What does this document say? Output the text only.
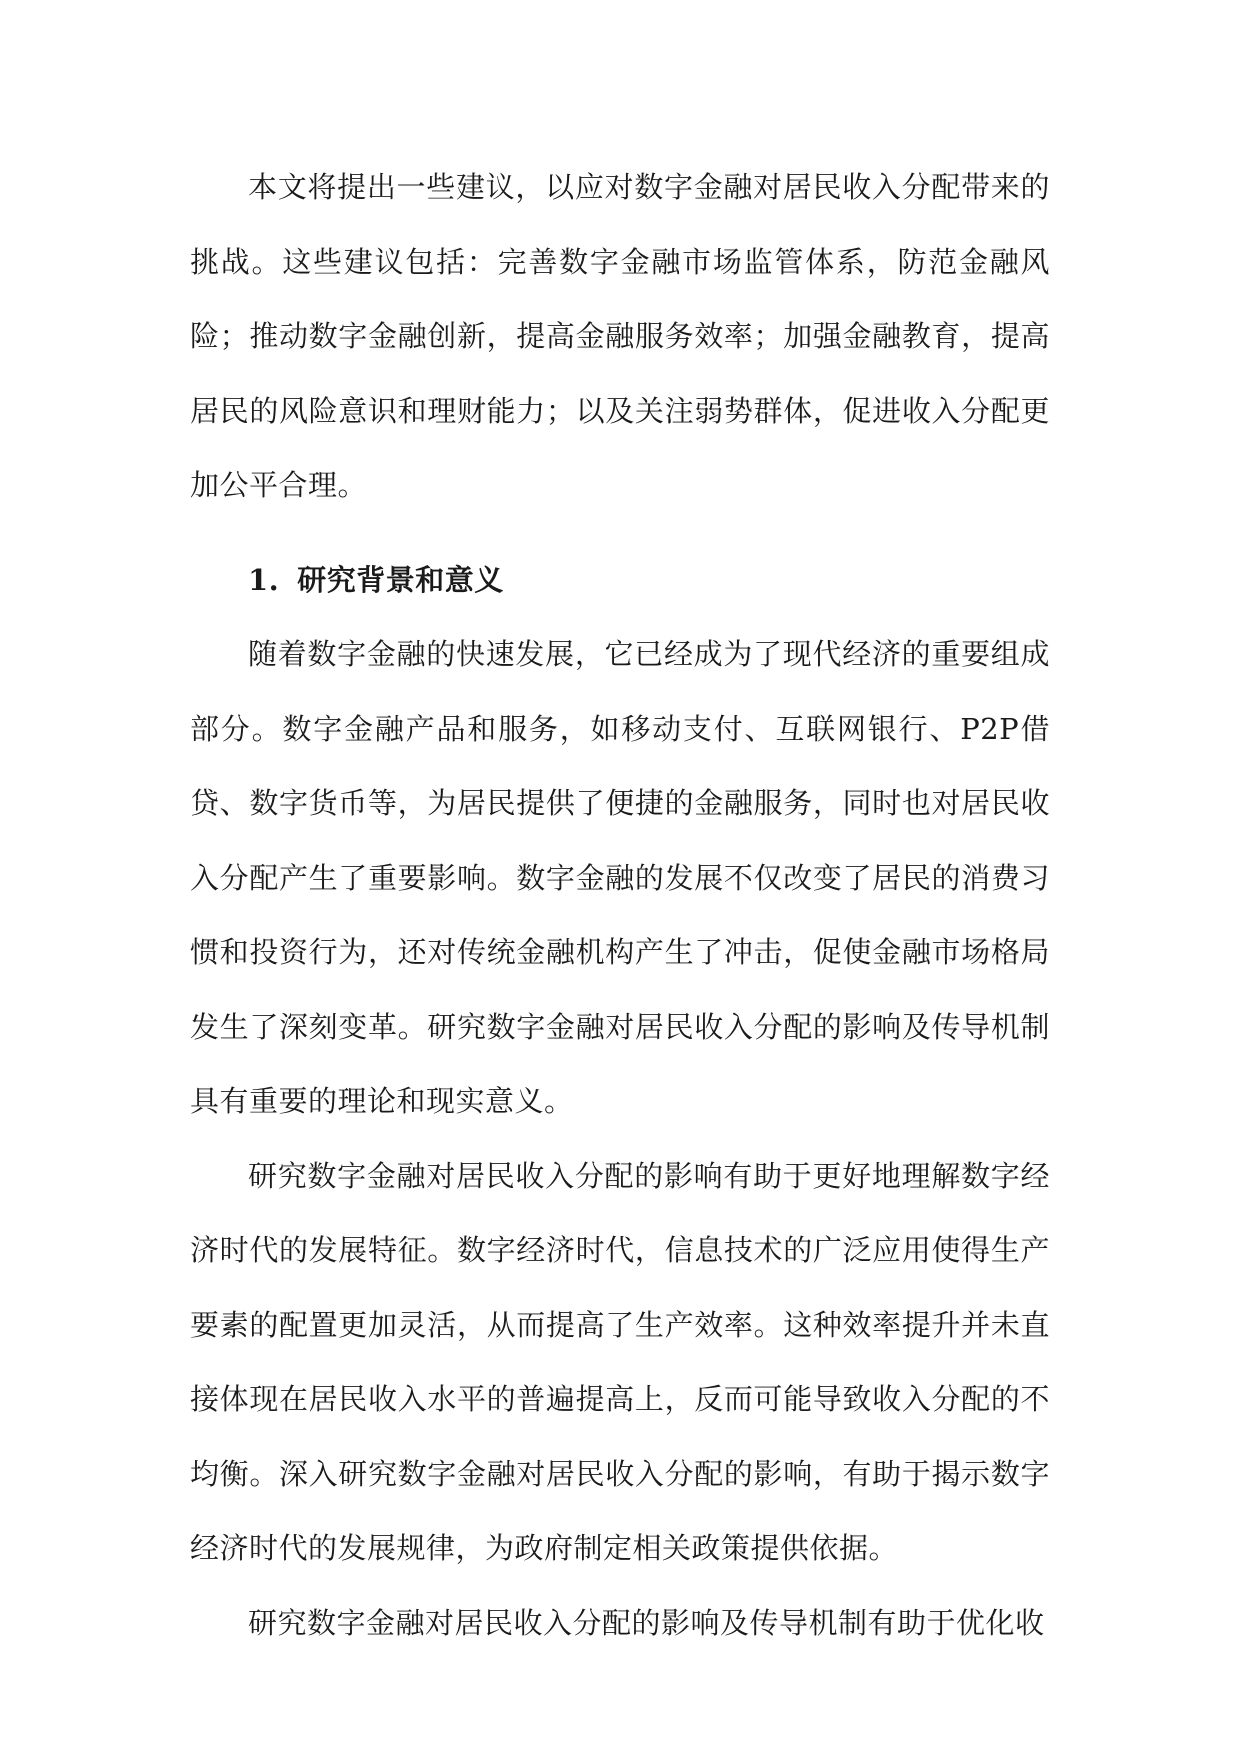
本文将提出一些建议，以应对数字金融对居民收入分配带来的挑战。这些建议包括：完善数字金融市场监管体系，防范金融风险；推动数字金融创新，提高金融服务效率；加强金融教育，提高居民的风险意识和理财能力；以及关注弱势群体，促进收入分配更加公平合理。

1. 研究背景和意义

随着数字金融的快速发展，它已经成为了现代经济的重要组成部分。数字金融产品和服务，如移动支付、互联网银行、P2P借贷、数字货币等，为居民提供了便捷的金融服务，同时也对居民收入分配产生了重要影响。数字金融的发展不仅改变了居民的消费习惯和投资行为，还对传统金融机构产生了冲击，促使金融市场格局发生了深刻变革。研究数字金融对居民收入分配的影响及传导机制具有重要的理论和现实意义。

研究数字金融对居民收入分配的影响有助于更好地理解数字经济时代的发展特征。数字经济时代，信息技术的广泛应用使得生产要素的配置更加灵活，从而提高了生产效率。这种效率提升并未直接体现在居民收入水平的普遍提高上，反而可能导致收入分配的不均衡。深入研究数字金融对居民收入分配的影响，有助于揭示数字经济时代的发展规律，为政府制定相关政策提供依据。

研究数字金融对居民收入分配的影响及传导机制有助于优化收
